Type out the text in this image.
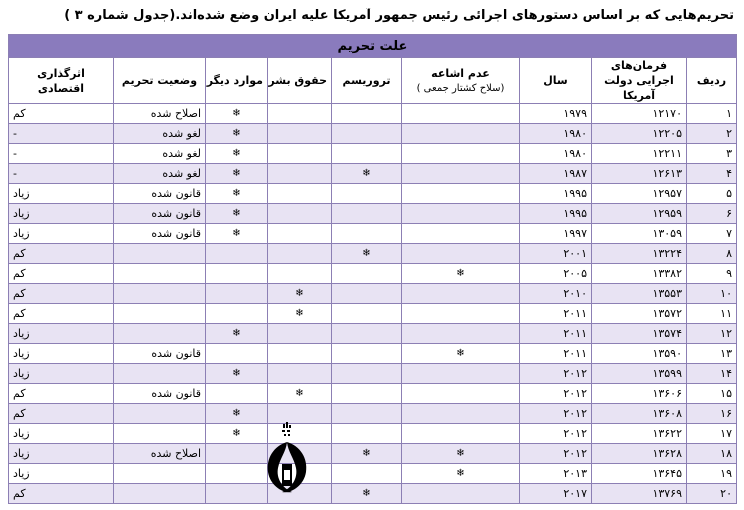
تحریم‌هایی که بر اساس دستورهای اجرائی رئیس جمهور آمریکا علیه ایران وضع شده‌اند.(جدول شماره ۳ )
علت تحریم								
ردیف	فرمان‌های اجرایی دولت آمریکا	سال	عدم اشاعه
(سلاح کشتار جمعی )	تروریسم	حقوق بشر	موارد دیگر	وضعیت تحریم	اثرگذاری اقتصادی
۱	۱۲۱۷۰	۱۹۷۹				❄	اصلاح شده	کم
۲	۱۲۲۰۵	۱۹۸۰				❄	لغو شده	-
۳	۱۲۲۱۱	۱۹۸۰				❄	لغو شده	-
۴	۱۲۶۱۳	۱۹۸۷		❄		❄	لغو شده	-
۵	۱۲۹۵۷	۱۹۹۵				❄	قانون شده	زیاد
۶	۱۲۹۵۹	۱۹۹۵				❄	قانون شده	زیاد
۷	۱۳۰۵۹	۱۹۹۷				❄	قانون شده	زیاد
۸	۱۳۲۲۴	۲۰۰۱		❄				کم
۹	۱۳۳۸۲	۲۰۰۵	❄					کم
۱۰	۱۳۵۵۳	۲۰۱۰			❄			کم
۱۱	۱۳۵۷۲	۲۰۱۱			❄			کم
۱۲	۱۳۵۷۴	۲۰۱۱				❄		زیاد
۱۳	۱۳۵۹۰	۲۰۱۱	❄				قانون شده	زیاد
۱۴	۱۳۵۹۹	۲۰۱۲				❄		زیاد
۱۵	۱۳۶۰۶	۲۰۱۲			❄		قانون شده	کم
۱۶	۱۳۶۰۸	۲۰۱۲				❄		کم
۱۷	۱۳۶۲۲	۲۰۱۲				❄		زیاد
۱۸	۱۳۶۲۸	۲۰۱۲	❄	❄			اصلاح شده	زیاد
۱۹	۱۳۶۴۵	۲۰۱۳	❄					زیاد
۲۰	۱۳۷۶۹	۲۰۱۷		❄				کم
